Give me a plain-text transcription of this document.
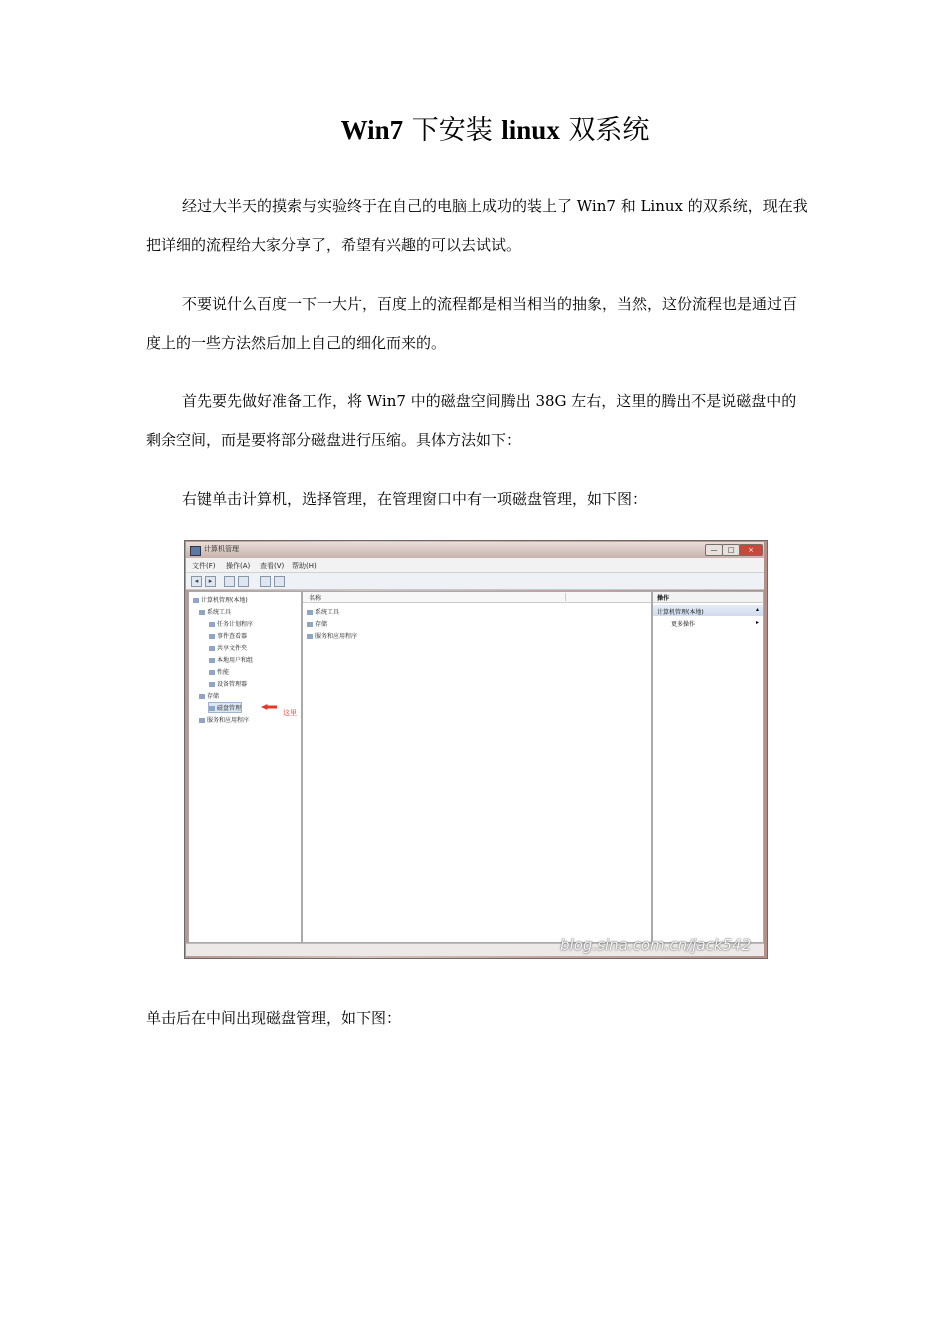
Win7 下安装 linux 双系统

经过大半天的摸索与实验终于在自己的电脑上成功的装上了 Win7 和 Linux 的双系统，现在我把详细的流程给大家分享了，希望有兴趣的可以去试试。

不要说什么百度一下一大片，百度上的流程都是相当相当的抽象，当然，这份流程也是通过百度上的一些方法然后加上自己的细化而来的。

首先要先做好准备工作，将 Win7 中的磁盘空间腾出 38G 左右，这里的腾出不是说磁盘中的剩余空间，而是要将部分磁盘进行压缩。具体方法如下：

右键单击计算机，选择管理，在管理窗口中有一项磁盘管理，如下图：

计算机管理	—	□	×
文件(F) 操作(A) 查看(V) 帮助(H)
◂	▸
计算机管理(本地)
系统工具
任务计划程序
事件查看器
共享文件夹
本地用户和组
性能
设备管理器
存储
磁盘管理
服务和应用程序
这里
名称
系统工具
存储
服务和应用程序
操作
计算机管理(本地)	▴
更多操作	▸
blog.sina.com.cn/jack542

单击后在中间出现磁盘管理，如下图：
